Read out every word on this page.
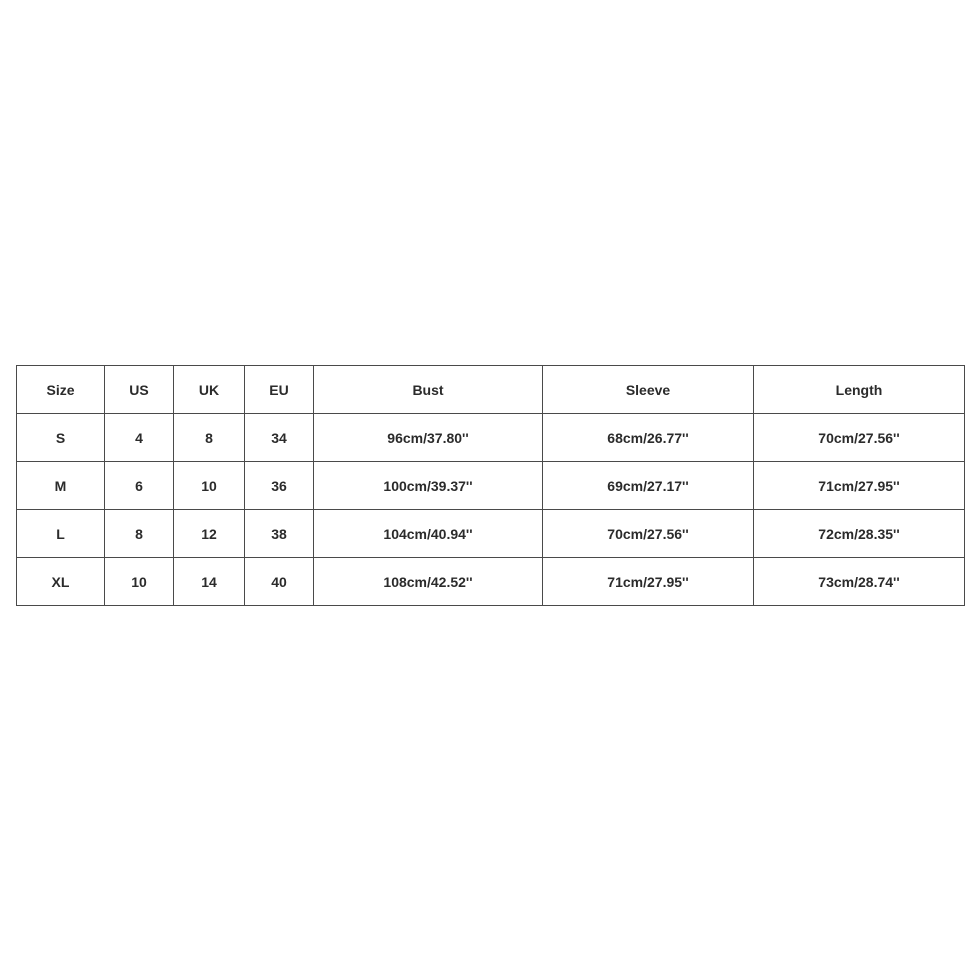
Size	US	UK	EU	Bust	Sleeve	Length
S	4	8	34	96cm/37.80''	68cm/26.77''	70cm/27.56''
M	6	10	36	100cm/39.37''	69cm/27.17''	71cm/27.95''
L	8	12	38	104cm/40.94''	70cm/27.56''	72cm/28.35''
XL	10	14	40	108cm/42.52''	71cm/27.95''	73cm/28.74''
